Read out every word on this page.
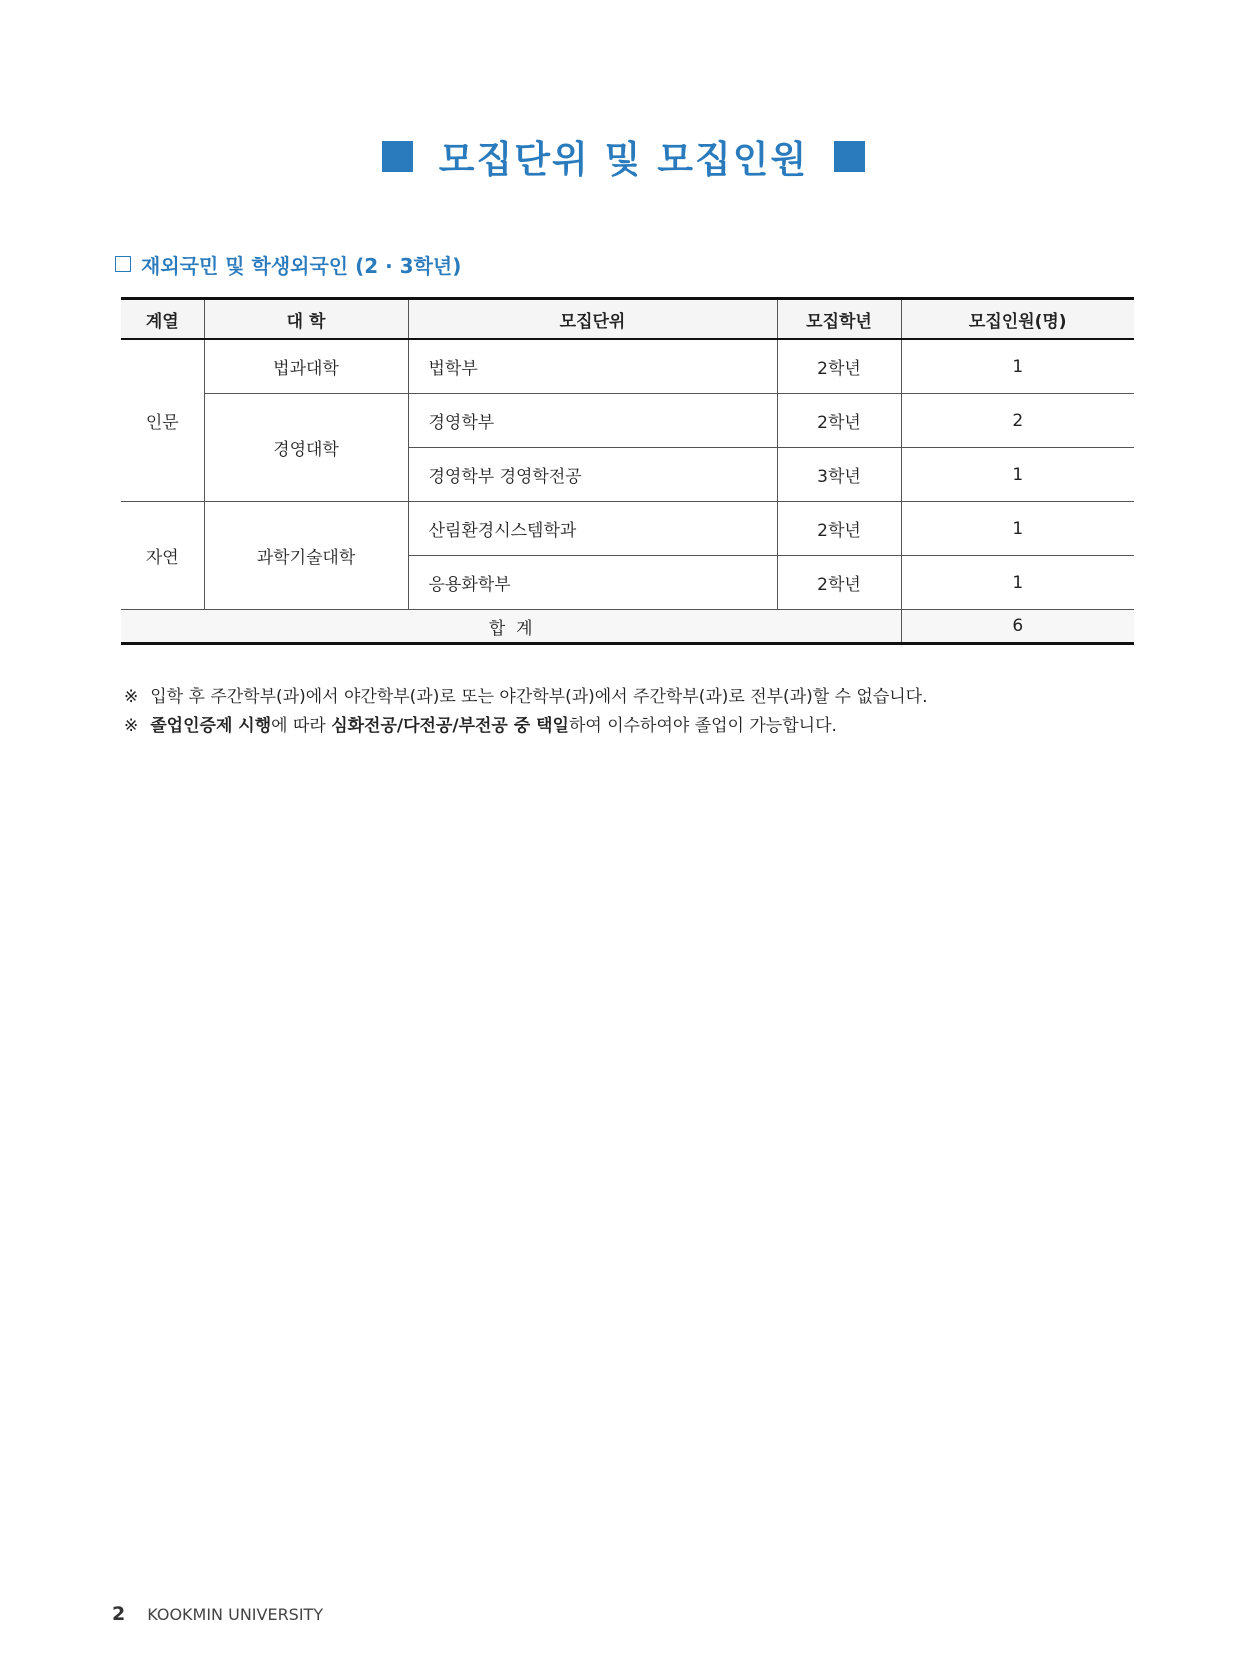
모집단위 및 모집인원
재외국민 및 학생외국인 (2 · 3학년)
계열	대 학	모집단위	모집학년	모집인원(명)
인문	법과대학	법학부	2학년	1
	경영대학	경영학부	2학년	2
		경영학부 경영학전공	3학년	1
자연	과학기술대학	산림환경시스템학과	2학년	1
		응용화학부	2학년	1
합  계				6
※ 입학 후 주간학부(과)에서 야간학부(과)로 또는 야간학부(과)에서 주간학부(과)로 전부(과)할 수 없습니다.
※ 졸업인증제 시행에 따라 심화전공/다전공/부전공 중 택일하여 이수하여야 졸업이 가능합니다.
2 KOOKMIN UNIVERSITY
